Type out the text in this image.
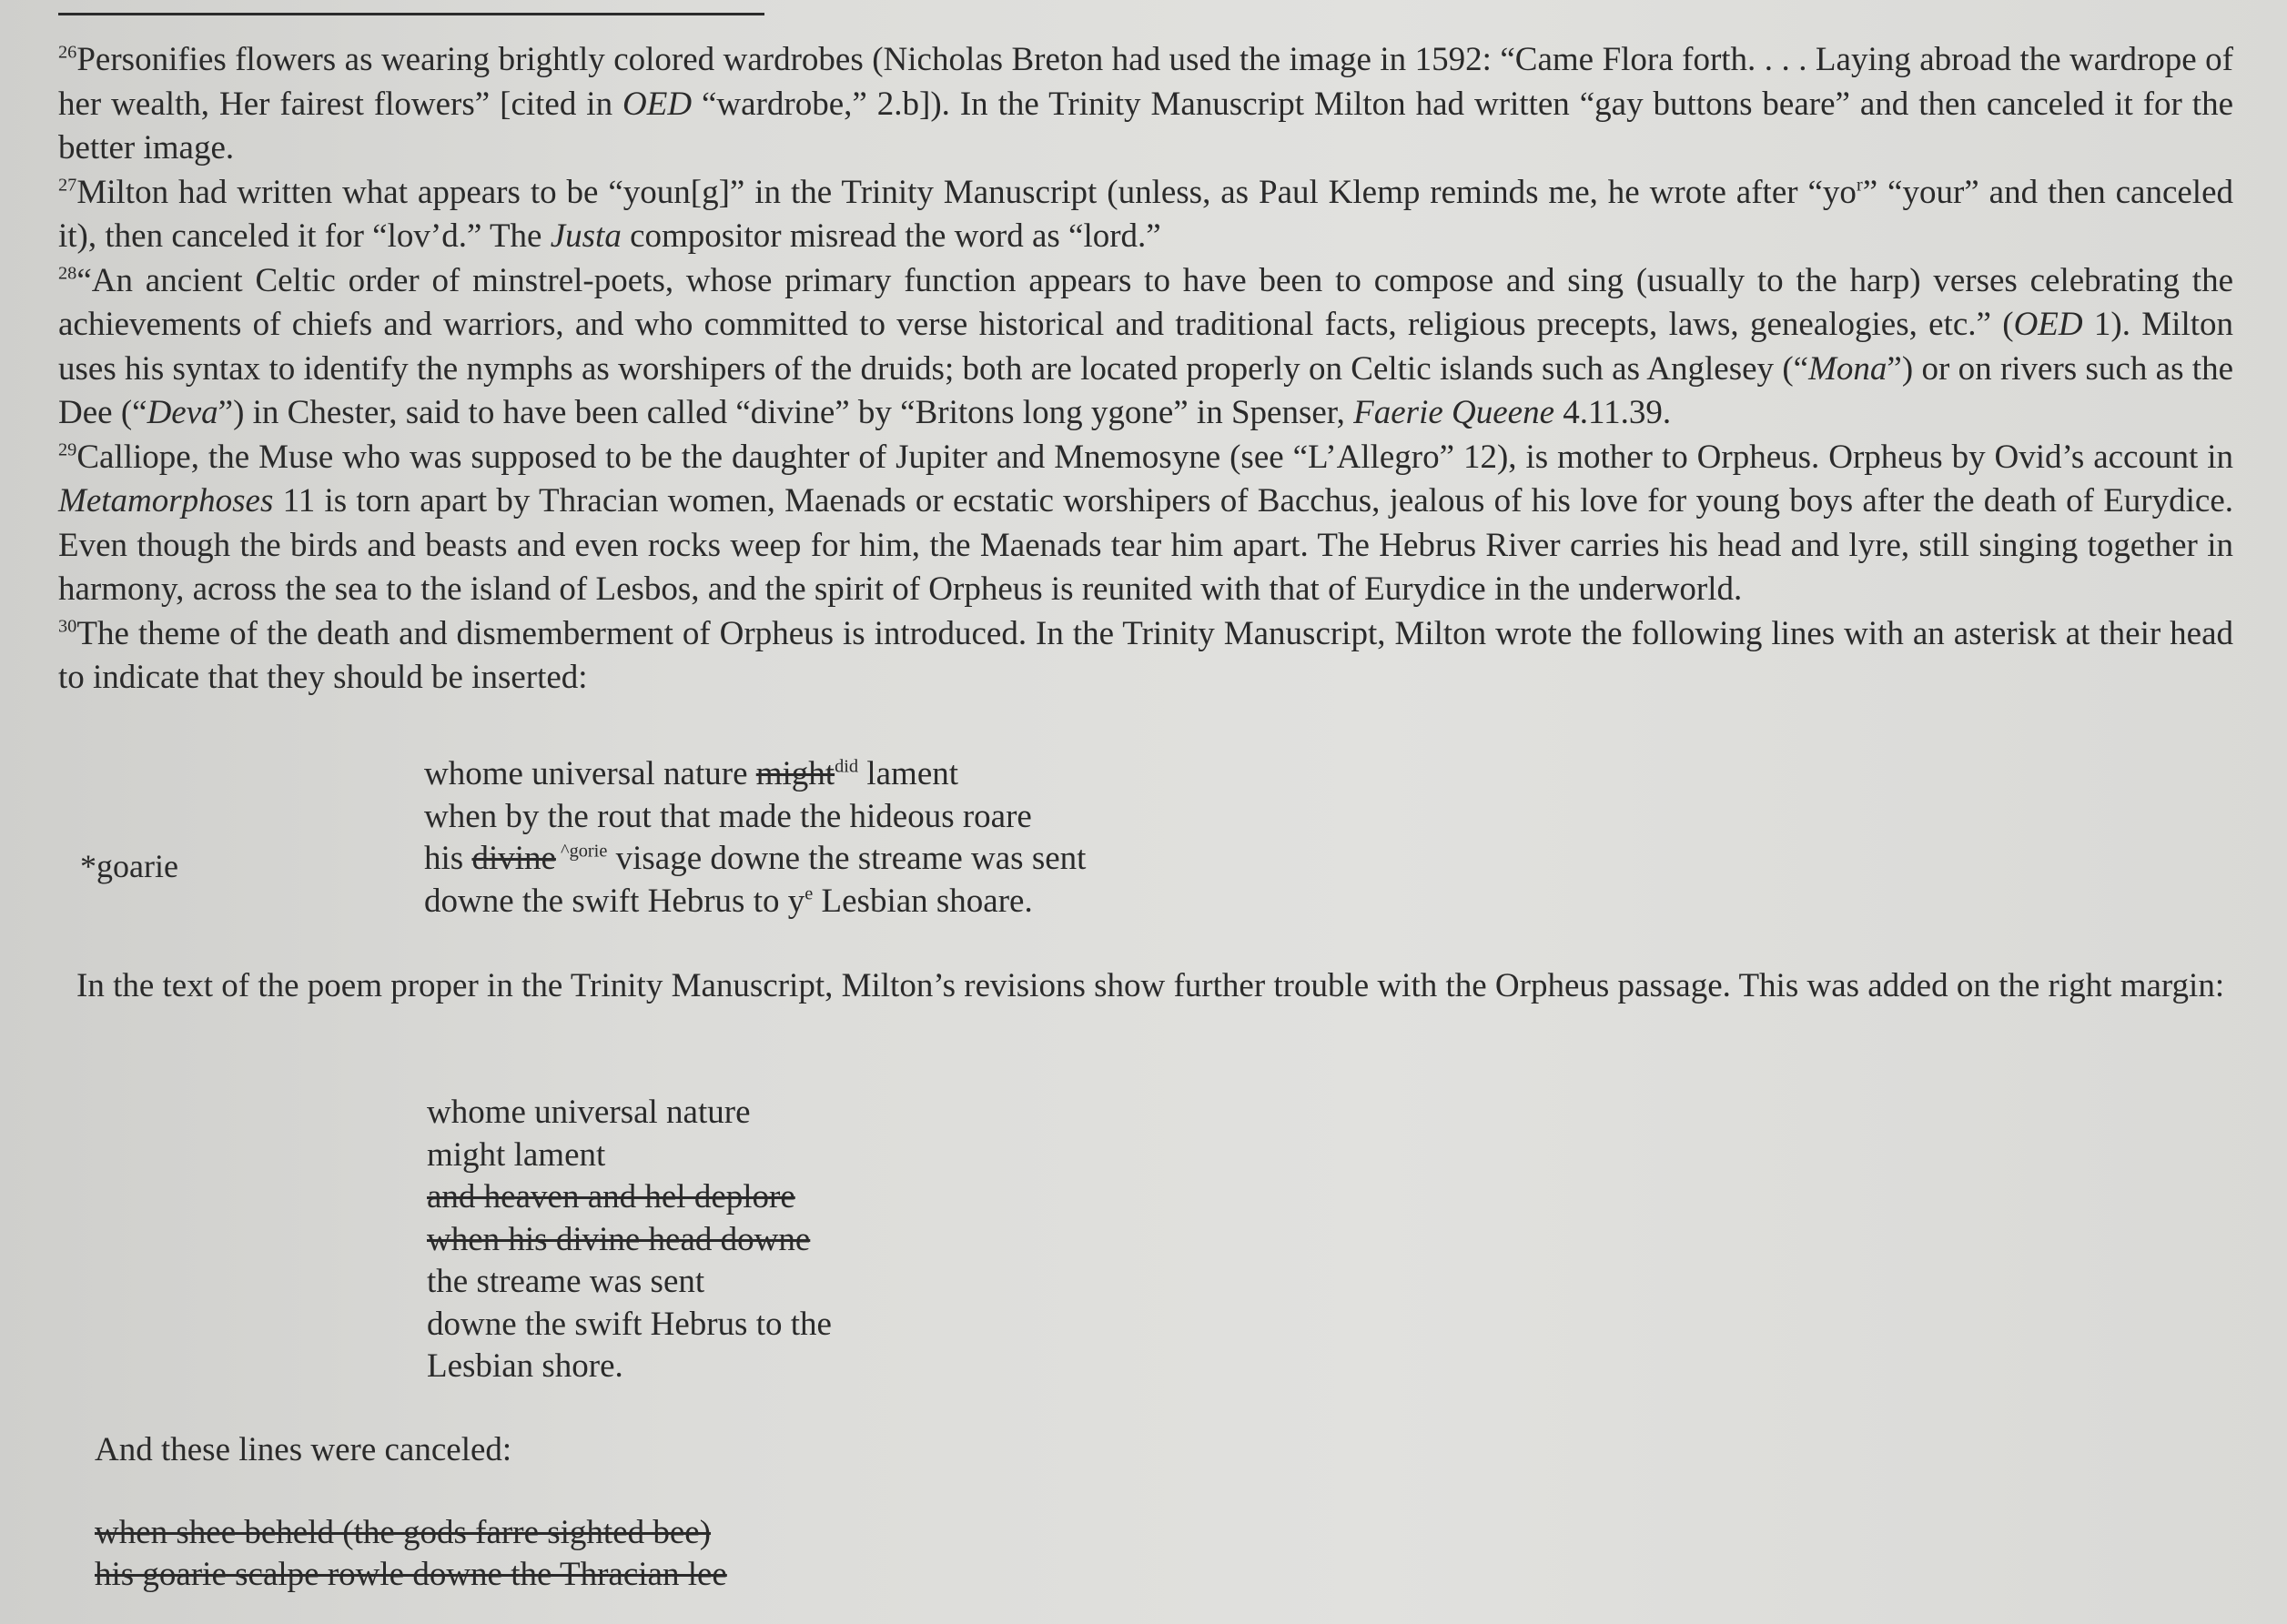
$^{26}$Personifies flowers as wearing brightly colored wardrobes (Nicholas Breton had used the image in 1592: “Came Flora forth. . . . Laying abroad the wardrope of her wealth, Her fairest flowers” [cited in OED “wardrobe,” 2.b]). In the Trinity Manuscript Milton had written “gay buttons beare” and then canceled it for the better image.

$^{27}$Milton had written what appears to be “youn[g]” in the Trinity Manuscript (unless, as Paul Klemp reminds me, he wrote after “$yo^r$” “your” and then canceled it), then canceled it for “lov’d.” The Justa compositor misread the word as “lord.”

$^{28}$“An ancient Celtic order of minstrel-poets, whose primary function appears to have been to compose and sing (usually to the harp) verses celebrating the achievements of chiefs and warriors, and who committed to verse historical and traditional facts, religious precepts, laws, genealogies, etc.” (OED 1). Milton uses his syntax to identify the nymphs as worshipers of the druids; both are located properly on Celtic islands such as Anglesey (“Mona”) or on rivers such as the Dee (“Deva”) in Chester, said to have been called “divine” by “Britons long ygone” in Spenser, Faerie Queene 4.11.39.

$^{29}$Calliope, the Muse who was supposed to be the daughter of Jupiter and Mnemosyne (see “L’Allegro” 12), is mother to Orpheus. Orpheus by Ovid’s account in Metamorphoses 11 is torn apart by Thracian women, Maenads or ecstatic worshipers of Bacchus, jealous of his love for young boys after the death of Eurydice. Even though the birds and beasts and even rocks weep for him, the Maenads tear him apart. The Hebrus River carries his head and lyre, still singing together in harmony, across the sea to the island of Lesbos, and the spirit of Orpheus is reunited with that of Eurydice in the underworld.

$^{30}$The theme of the death and dismemberment of Orpheus is introduced. In the Trinity Manuscript, Milton wrote the following lines with an asterisk at their head to indicate that they should be inserted:

whome universal nature might$^{did}$ lament
when by the rout that made the hideous roare
his divine $^{\^{}gorie}$ visage downe the streame was sent
downe the swift Hebrus to $y^e$ Lesbian shoare.
*goarie
In the text of the poem proper in the Trinity Manuscript, Milton’s revisions show further trouble with the Orpheus passage. This was added on the right margin:
whome universal nature
might lament
and heaven and hel deplore
when his divine head downe
the streame was sent
downe the swift Hebrus to the
Lesbian shore.
And these lines were canceled:
when shee beheld (the gods farre sighted bee)
his goarie scalpe rowle downe the Thracian lee
